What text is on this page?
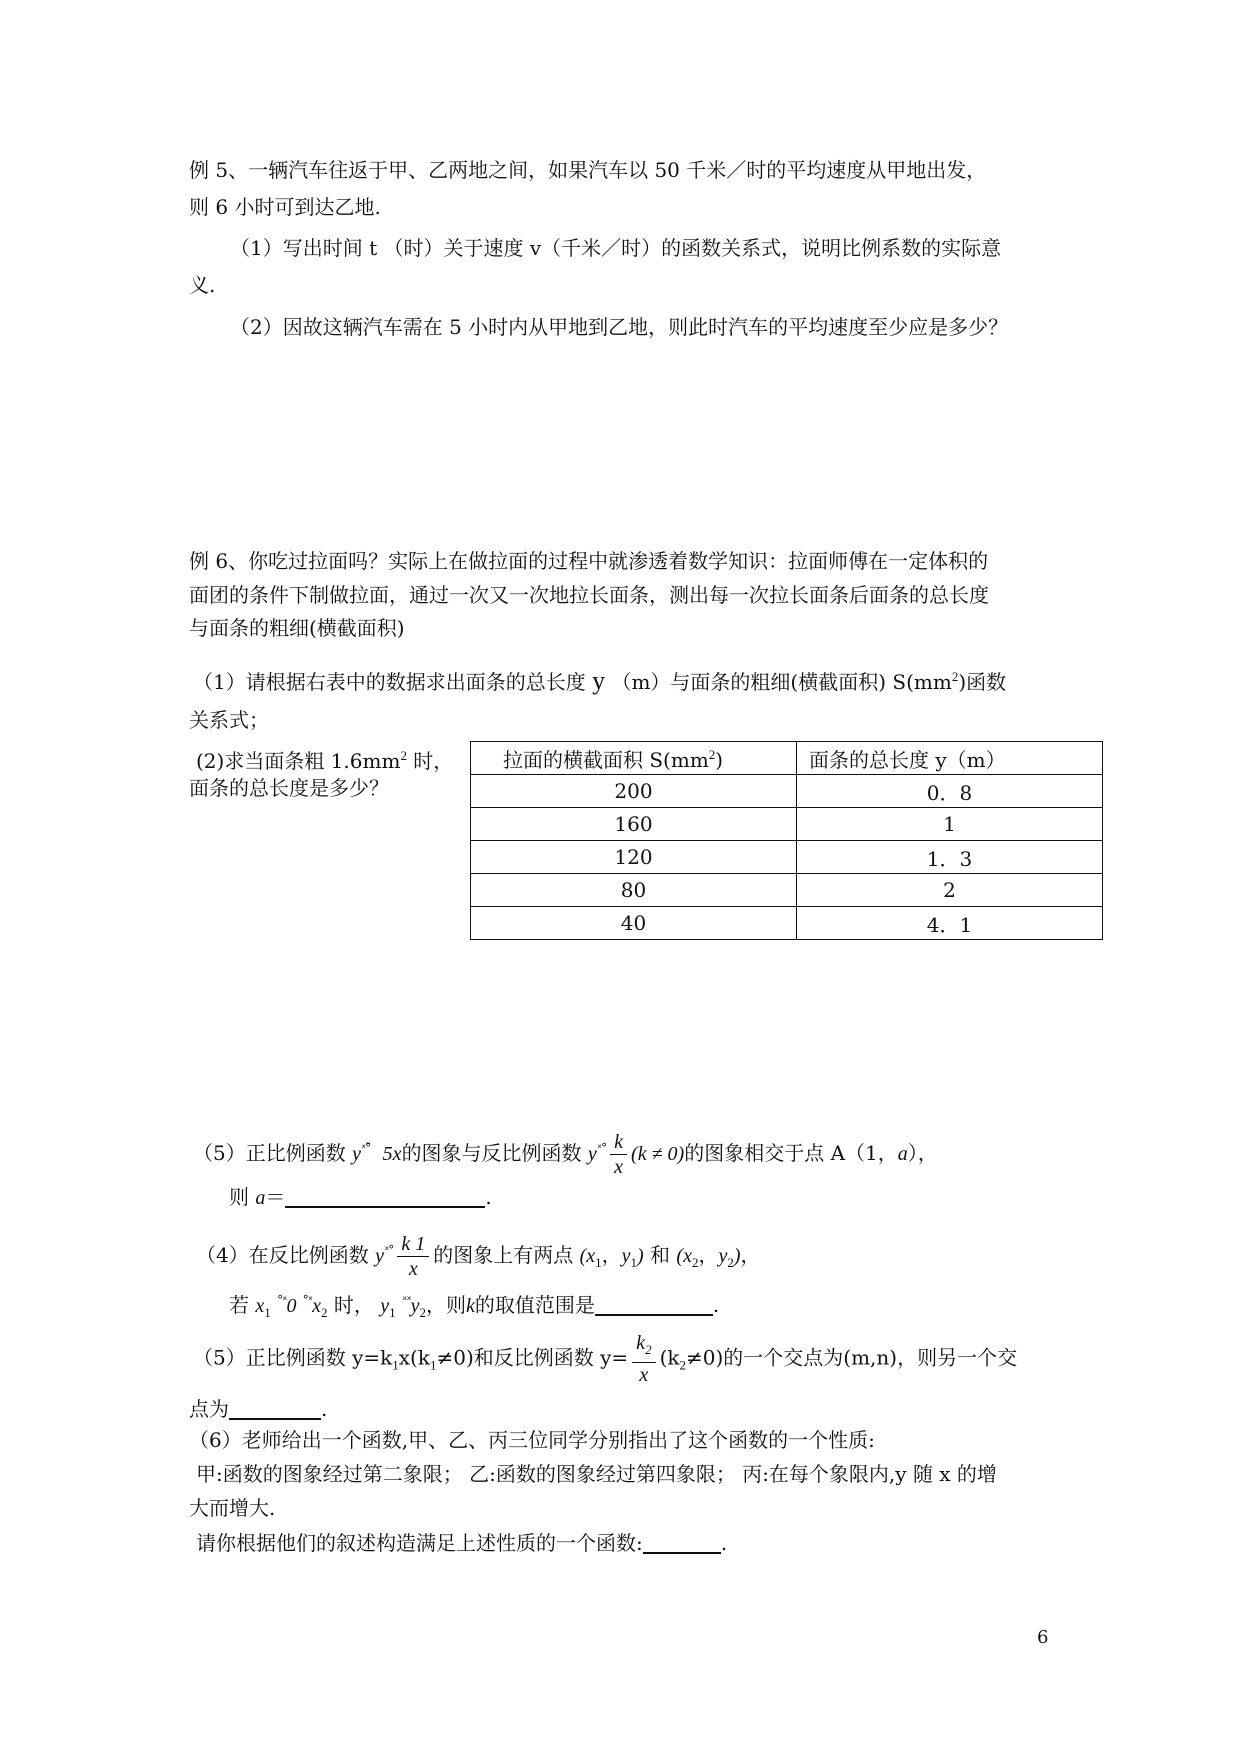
例 5、一辆汽车往返于甲、乙两地之间，如果汽车以 50 千米／时的平均速度从甲地出发，
则 6 小时可到达乙地.
（1）写出时间 t （时）关于速度 v（千米／时）的函数关系式，说明比例系数的实际意
义.
（2）因故这辆汽车需在 5 小时内从甲地到乙地，则此时汽车的平均速度至少应是多少？
例 6、你吃过拉面吗？实际上在做拉面的过程中就渗透着数学知识：拉面师傅在一定体积的
面团的条件下制做拉面，通过一次又一次地拉长面条，测出每一次拉长面条后面条的总长度
与面条的粗细(横截面积)
（1）请根据右表中的数据求出面条的总长度 y （m）与面条的粗细(横截面积) $S(mm^2)$函数
关系式；
(2)求当面条粗 $1.6mm^2$ 时，
面条的总长度是多少？
拉面的横截面积 $S(mm^2)$	面条的总长度 y（m）
200	0．8
160	1
120	1．3
80	2
40	4．1
（5）正比例函数 $y^{ˣ^\circ̃}$ 5x的图象与反比例函数 $y^{ˣ^\circ} \frac{k}{x} (k \ne 0)$的图象相交于点 A（1，a），
则 a＝	.
（4）在反比例函数 $y^{ˣ^\circ} \frac{k 1}{x}$ 的图象上有两点 ($x_1$，$y_1$) 和 ($x_2$，$y_2$)，
若 $x_1$ $^{^\circ ˣ}$0 $^{^\circ ˣ}x_2$ 时， $y_1$ $^{ˣˣ}y_2$，则k的取值范围是	.
（5）正比例函数 $y=k_1x(k_1\ne 0)$和反比例函数 $y= \frac{k_2}{x} (k_2\ne 0)$的一个交点为(m,n)，则另一个交
点为	.
（6）老师给出一个函数,甲、乙、丙三位同学分别指出了这个函数的一个性质:
甲:函数的图象经过第二象限； 乙:函数的图象经过第四象限； 丙:在每个象限内,y 随 x 的增
大而增大.
请你根据他们的叙述构造满足上述性质的一个函数:	.
6
